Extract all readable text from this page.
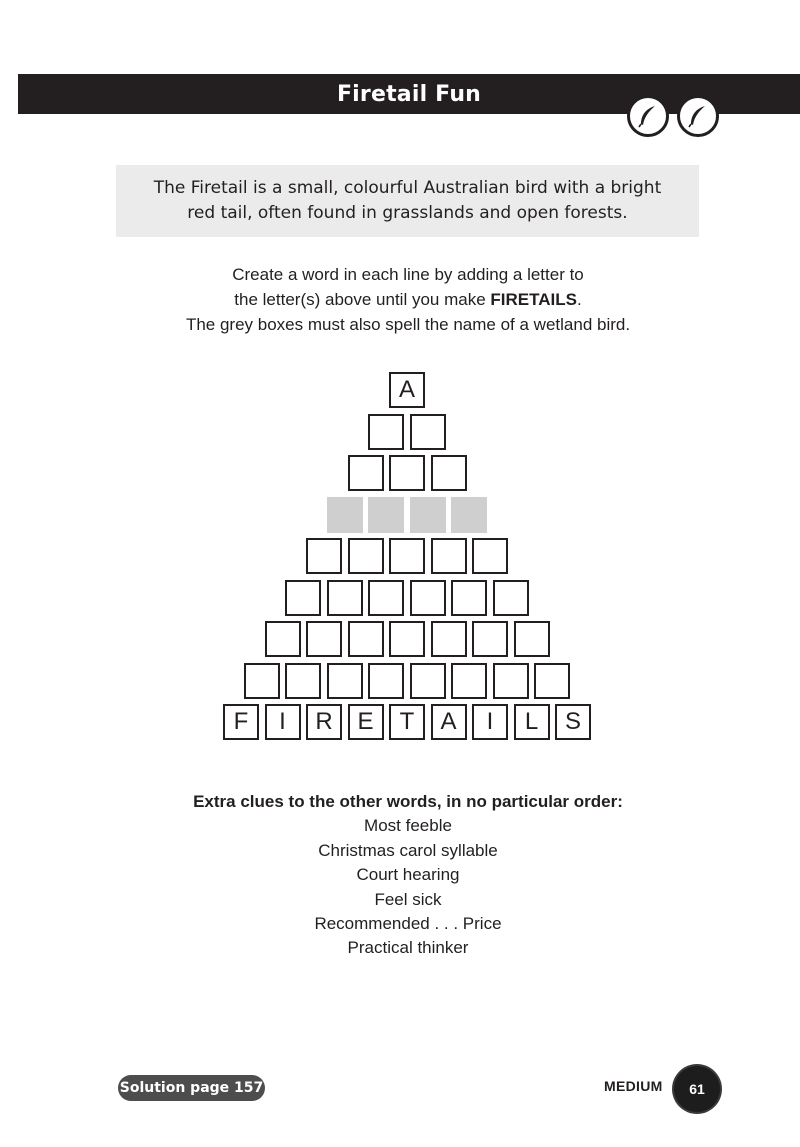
Firetail Fun

The Firetail is a small, colourful Australian bird with a bright
red tail, often found in grasslands and open forests.

Create a word in each line by adding a letter to
the letter(s) above until you make FIRETAILS.
The grey boxes must also spell the name of a wetland bird.
A
F	I	R	E	T	A	I	L	S
Extra clues to the other words, in no particular order:
Most feeble
Christmas carol syllable
Court hearing
Feel sick
Recommended . . . Price
Practical thinker
Solution page 157	MEDIUM 61
